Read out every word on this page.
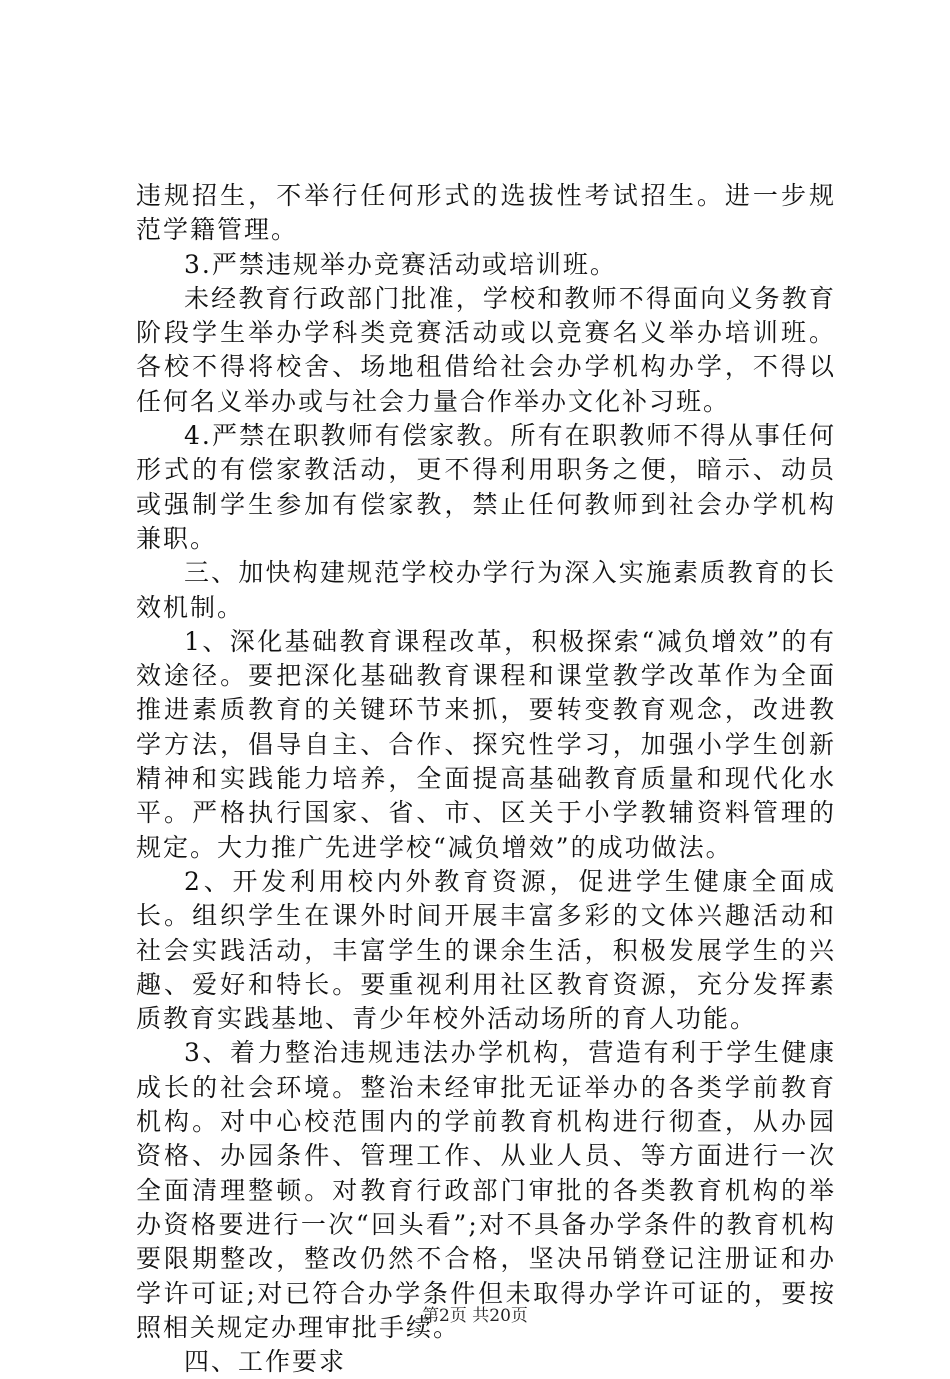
违规招生，不举行任何形式的选拔性考试招生。进一步规范学籍管理。

3.严禁违规举办竞赛活动或培训班。

未经教育行政部门批准，学校和教师不得面向义务教育阶段学生举办学科类竞赛活动或以竞赛名义举办培训班。各校不得将校舍、场地租借给社会办学机构办学，不得以任何名义举办或与社会力量合作举办文化补习班。

4.严禁在职教师有偿家教。所有在职教师不得从事任何形式的有偿家教活动，更不得利用职务之便，暗示、动员或强制学生参加有偿家教，禁止任何教师到社会办学机构兼职。

三、加快构建规范学校办学行为深入实施素质教育的长效机制。

1、深化基础教育课程改革，积极探索“减负增效”的有效途径。要把深化基础教育课程和课堂教学改革作为全面推进素质教育的关键环节来抓，要转变教育观念，改进教学方法，倡导自主、合作、探究性学习，加强小学生创新精神和实践能力培养，全面提高基础教育质量和现代化水平。严格执行国家、省、市、区关于小学教辅资料管理的规定。大力推广先进学校“减负增效”的成功做法。

2、开发利用校内外教育资源，促进学生健康全面成长。组织学生在课外时间开展丰富多彩的文体兴趣活动和社会实践活动，丰富学生的课余生活，积极发展学生的兴趣、爱好和特长。要重视利用社区教育资源，充分发挥素质教育实践基地、青少年校外活动场所的育人功能。

3、着力整治违规违法办学机构，营造有利于学生健康成长的社会环境。整治未经审批无证举办的各类学前教育机构。对中心校范围内的学前教育机构进行彻查，从办园资格、办园条件、管理工作、从业人员、等方面进行一次全面清理整顿。对教育行政部门审批的各类教育机构的举办资格要进行一次“回头看”;对不具备办学条件的教育机构要限期整改，整改仍然不合格，坚决吊销登记注册证和办学许可证;对已符合办学条件但未取得办学许可证的，要按照相关规定办理审批手续。

四、工作要求

第2页 共20页
